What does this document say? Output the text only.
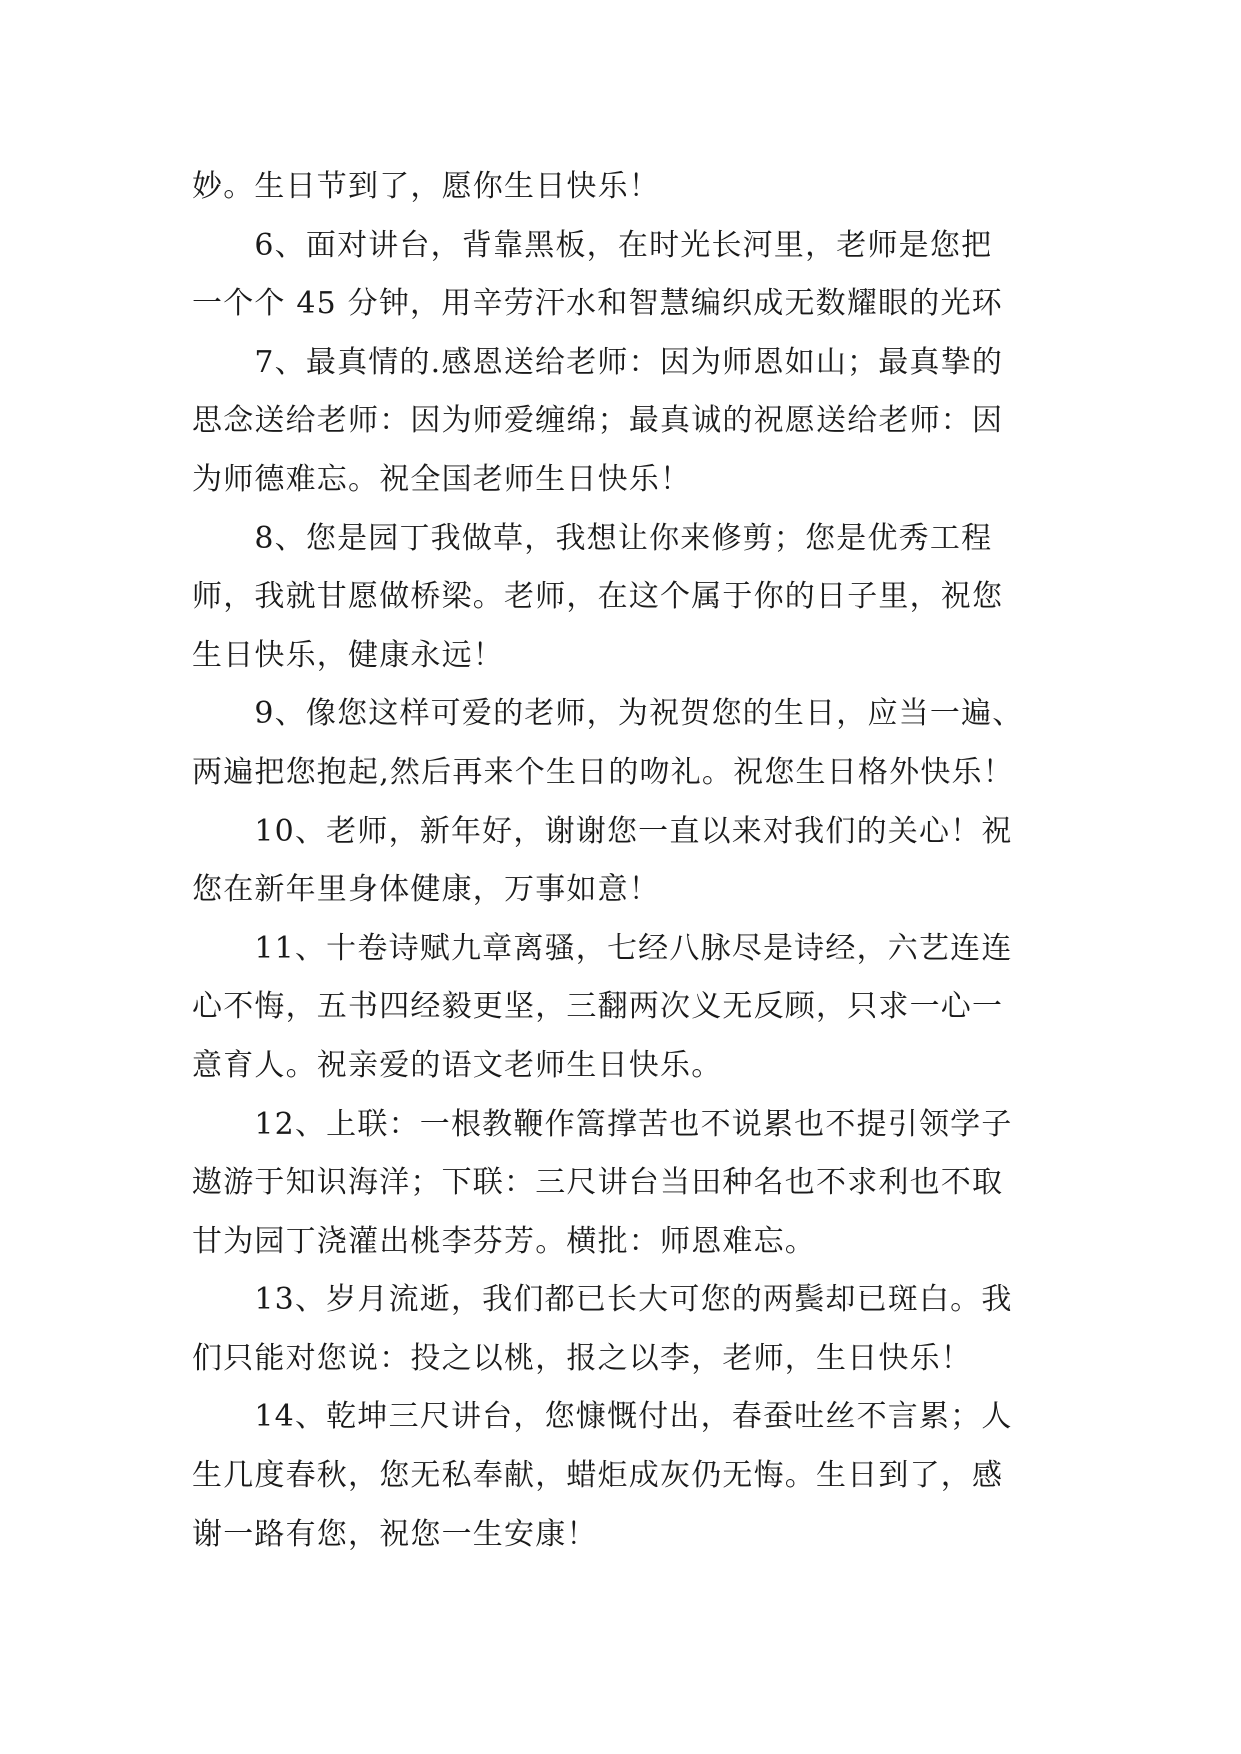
妙。生日节到了，愿你生日快乐！
　　6、面对讲台，背靠黑板，在时光长河里，老师是您把
一个个 45 分钟，用辛劳汗水和智慧编织成无数耀眼的光环
　　7、最真情的.感恩送给老师：因为师恩如山；最真挚的
思念送给老师：因为师爱缠绵；最真诚的祝愿送给老师：因
为师德难忘。祝全国老师生日快乐！
　　8、您是园丁我做草，我想让你来修剪；您是优秀工程
师，我就甘愿做桥梁。老师，在这个属于你的日子里，祝您
生日快乐，健康永远！
　　9、像您这样可爱的老师，为祝贺您的生日，应当一遍、
两遍把您抱起,然后再来个生日的吻礼。祝您生日格外快乐！
　　10、老师，新年好，谢谢您一直以来对我们的关心！祝
您在新年里身体健康，万事如意！
　　11、十卷诗赋九章离骚，七经八脉尽是诗经，六艺连连
心不悔，五书四经毅更坚，三翻两次义无反顾，只求一心一
意育人。祝亲爱的语文老师生日快乐。
　　12、上联：一根教鞭作篙撑苦也不说累也不提引领学子
遨游于知识海洋；下联：三尺讲台当田种名也不求利也不取
甘为园丁浇灌出桃李芬芳。横批：师恩难忘。
　　13、岁月流逝，我们都已长大可您的两鬓却已斑白。我
们只能对您说：投之以桃，报之以李，老师，生日快乐！
　　14、乾坤三尺讲台，您慷慨付出，春蚕吐丝不言累；人
生几度春秋，您无私奉献，蜡炬成灰仍无悔。生日到了，感
谢一路有您，祝您一生安康！
